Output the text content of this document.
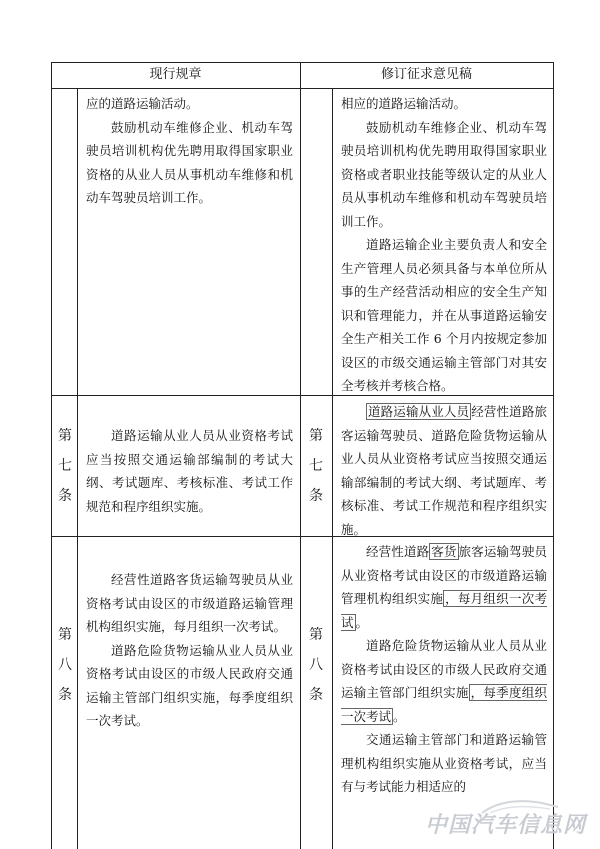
现行规章	修订征求意见稿

应的道路运输活动。

鼓励机动车维修企业、机动车驾驶员培训机构优先聘用取得国家职业资格的从业人员从事机动车维修和机动车驾驶员培训工作。

相应的道路运输活动。

鼓励机动车维修企业、机动车驾驶员培训机构优先聘用取得国家职业资格或者职业技能等级认定的从业人员从事机动车维修和机动车驾驶员培训工作。

道路运输企业主要负责人和安全生产管理人员必须具备与本单位所从事的生产经营活动相应的安全生产知识和管理能力，并在从事道路运输安全生产相关工作 6 个月内按规定参加设区的市级交通运输主管部门对其安全考核并考核合格。

第
七
条

道路运输从业人员从业资格考试应当按照交通运输部编制的考试大纲、考试题库、考核标准、考试工作规范和程序组织实施。

第
七
条

道路运输从业人员 经营性道路旅客运输驾驶员、道路危险货物运输从业人员从业资格考试应当按照交通运输部编制的考试大纲、考试题库、考核标准、考试工作规范和程序组织实施。

第
八
条

经营性道路客货运输驾驶员从业资格考试由设区的市级道路运输管理机构组织实施，每月组织一次考试。

道路危险货物运输从业人员从业资格考试由设区的市级人民政府交通运输主管部门组织实施，每季度组织一次考试。

第
八
条

经营性道路 客货 旅客运输驾驶员从业资格考试由设区的市级道路运输管理机构组织实施 ，每月组织一次考试 。

道路危险货物运输从业人员从业资格考试由设区的市级人民政府交通运输主管部门组织实施 ，每季度组织一次考试 。

交通运输主管部门和道路运输管理机构组织实施从业资格考试，应当有与考试能力相适应的

中国汽车信息网
